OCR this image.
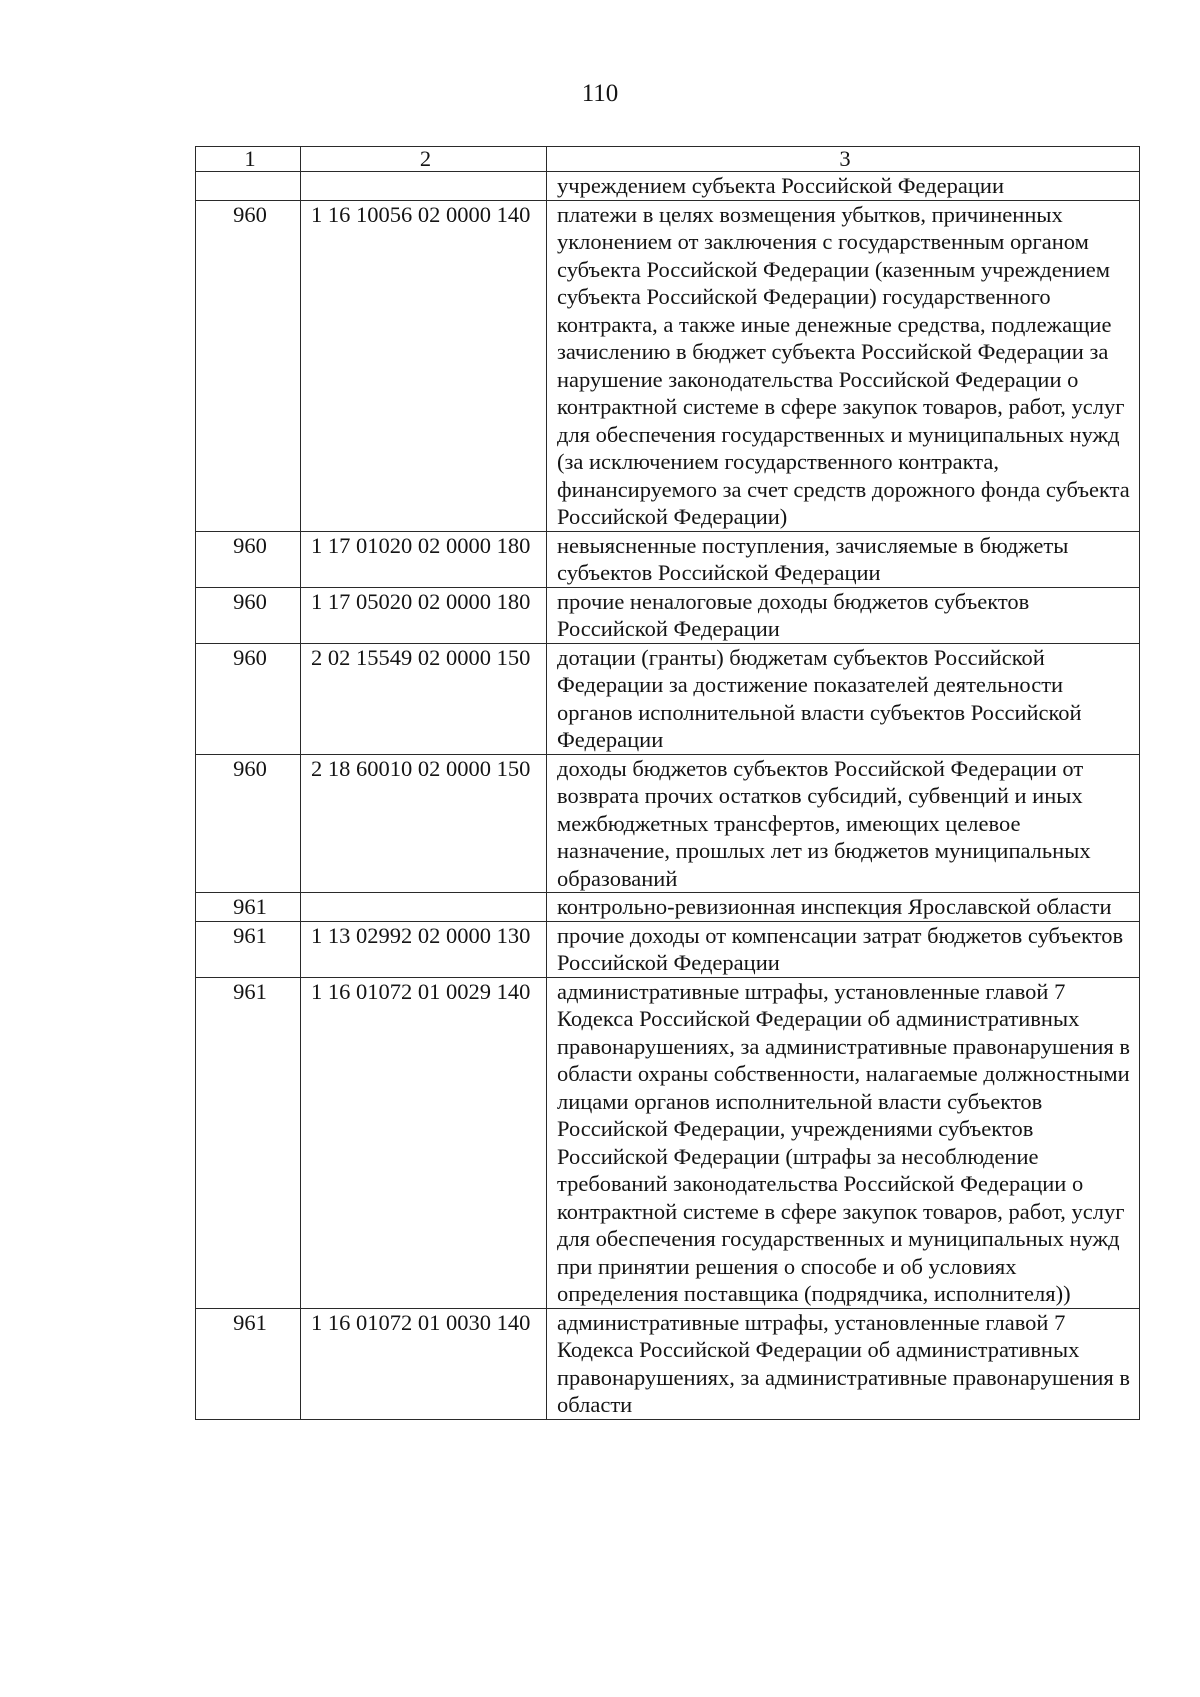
110
1	2	3
		учреждением субъекта Российской Федерации
960	1 16 10056 02 0000 140	платежи в целях возмещения убытков, причиненных уклонением от заключения с государственным органом субъекта Российской Федерации (казенным учреждением субъекта Российской Федерации) государственного контракта, а также иные денежные средства, подлежащие зачислению в бюджет субъекта Российской Федерации за нарушение законодательства Российской Федерации о контрактной системе в сфере закупок товаров, работ, услуг для обеспечения государственных и муниципальных нужд (за исключением государственного контракта, финансируемого за счет средств дорожного фонда субъекта Российской Федерации)
960	1 17 01020 02 0000 180	невыясненные поступления, зачисляемые в бюджеты субъектов Российской Федерации
960	1 17 05020 02 0000 180	прочие неналоговые доходы бюджетов субъектов Российской Федерации
960	2 02 15549 02 0000 150	дотации (гранты) бюджетам субъектов Российской Федерации за достижение показателей деятельности органов исполнительной власти субъектов Российской Федерации
960	2 18 60010 02 0000 150	доходы бюджетов субъектов Российской Федерации от возврата прочих остатков субсидий, субвенций и иных межбюджетных трансфертов, имеющих целевое назначение, прошлых лет из бюджетов муниципальных образований
961		контрольно-ревизионная инспекция Ярославской области
961	1 13 02992 02 0000 130	прочие доходы от компенсации затрат бюджетов субъектов Российской Федерации
961	1 16 01072 01 0029 140	административные штрафы, установленные главой 7 Кодекса Российской Федерации об административных правонарушениях, за административные правонарушения в области охраны собственности, налагаемые должностными лицами органов исполнительной власти субъектов Российской Федерации, учреждениями субъектов Российской Федерации (штрафы за несоблюдение требований законодательства Российской Федерации о контрактной системе в сфере закупок товаров, работ, услуг для обеспечения государственных и муниципальных нужд при принятии решения о способе и об условиях определения поставщика (подрядчика, исполнителя))
961	1 16 01072 01 0030 140	административные штрафы, установленные главой 7 Кодекса Российской Федерации об административных правонарушениях, за административные правонарушения в области
